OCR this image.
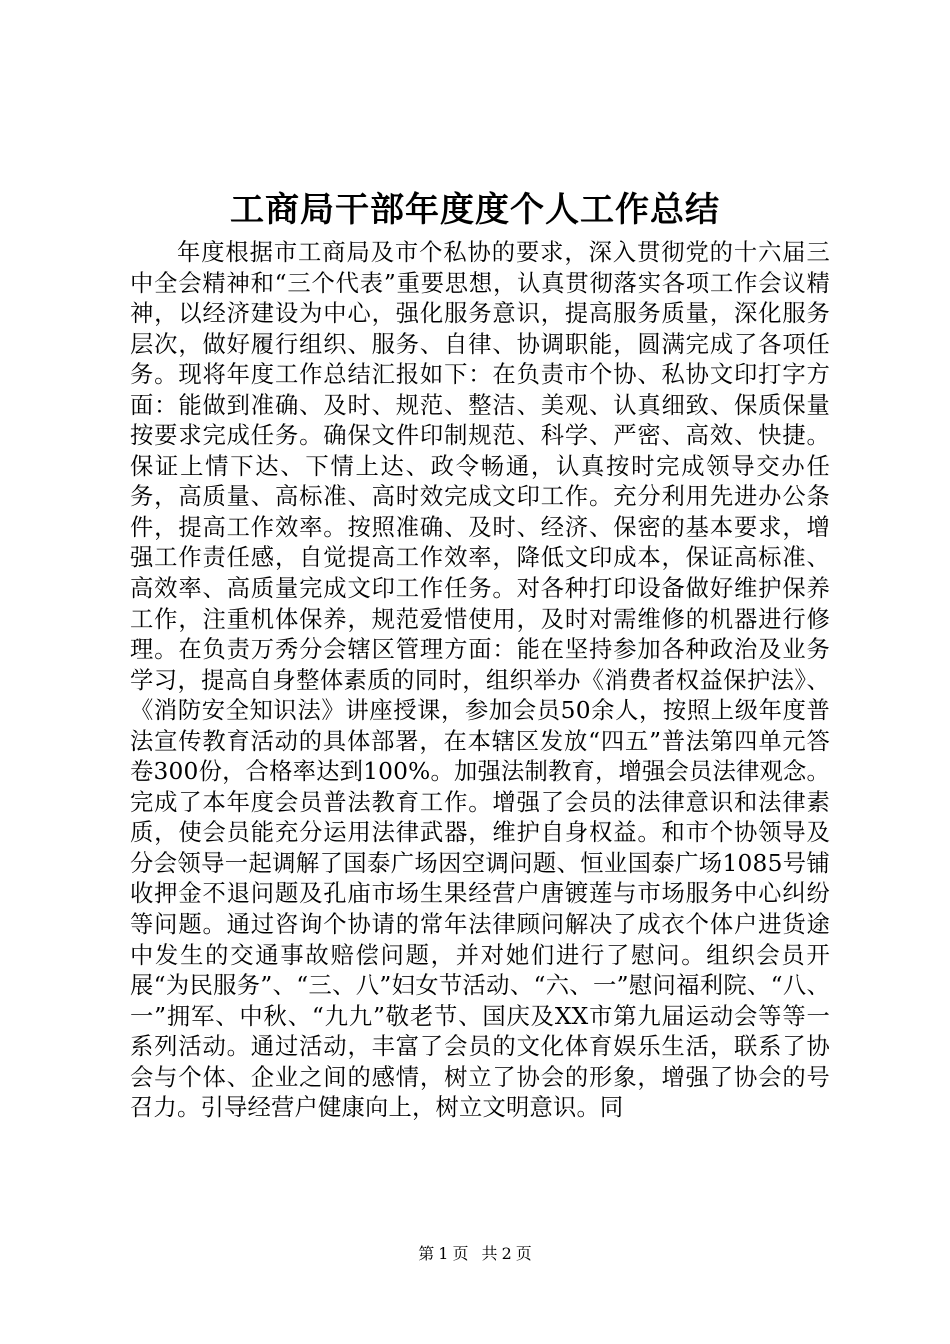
工商局干部年度度个人工作总结

年度根据市工商局及市个私协的要求，深入贯彻党的十六届三中全会精神和“三个代表”重要思想，认真贯彻落实各项工作会议精神，以经济建设为中心，强化服务意识，提高服务质量，深化服务层次，做好履行组织、服务、自律、协调职能，圆满完成了各项任务。现将年度工作总结汇报如下：在负责市个协、私协文印打字方面：能做到准确、及时、规范、整洁、美观、认真细致、保质保量按要求完成任务。确保文件印制规范、科学、严密、高效、快捷。保证上情下达、下情上达、政令畅通，认真按时完成领导交办任务，高质量、高标准、高时效完成文印工作。充分利用先进办公条件，提高工作效率。按照准确、及时、经济、保密的基本要求，增强工作责任感，自觉提高工作效率，降低文印成本，保证高标准、高效率、高质量完成文印工作任务。对各种打印设备做好维护保养工作，注重机体保养，规范爱惜使用，及时对需维修的机器进行修理。在负责万秀分会辖区管理方面：能在坚持参加各种政治及业务学习，提高自身整体素质的同时，组织举办《消费者权益保护法》、《消防安全知识法》讲座授课，参加会员50余人，按照上级年度普法宣传教育活动的具体部署，在本辖区发放“四五”普法第四单元答卷300份，合格率达到100%。加强法制教育，增强会员法律观念。完成了本年度会员普法教育工作。增强了会员的法律意识和法律素质，使会员能充分运用法律武器，维护自身权益。和市个协领导及分会领导一起调解了国泰广场因空调问题、恒业国泰广场1085号铺收押金不退问题及孔庙市场生果经营户唐镀莲与市场服务中心纠纷等问题。通过咨询个协请的常年法律顾问解决了成衣个体户进货途中发生的交通事故赔偿问题，并对她们进行了慰问。组织会员开展“为民服务”、“三、八”妇女节活动、“六、一”慰问福利院、“八、一”拥军、中秋、“九九”敬老节、国庆及XX市第九届运动会等等一系列活动。通过活动，丰富了会员的文化体育娱乐生活，联系了协会与个体、企业之间的感情，树立了协会的形象，增强了协会的号召力。引导经营户健康向上，树立文明意识。同

第 1 页 共 2 页
